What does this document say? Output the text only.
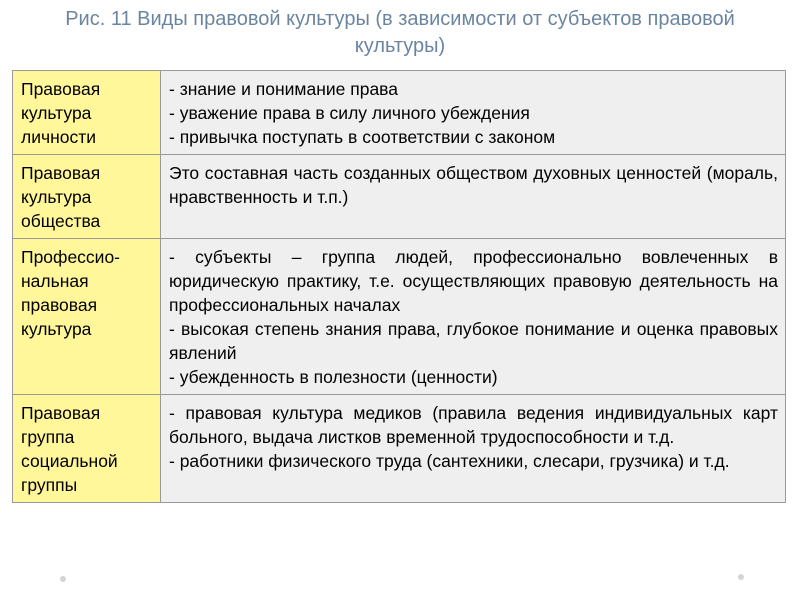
Рис. 11 Виды правовой культуры (в зависимости от субъектов правовой
культуры)
Правовая культура личности	- знание и понимание права
- уважение права в силу личного убеждения
- привычка поступать в соответствии с законом

Правовая культура общества	Это составная часть созданных обществом духовных ценностей (мораль, нравственность и т.п.)

Професcио-нальная правовая культура	- субъекты – группа людей, профессионально вовлеченных в юридическую практику, т.е. осуществляющих правовую деятельность на профессиональных началах
- высокая степень знания права, глубокое понимание и оценка правовых явлений
- убежденность в полезности (ценности)

Правовая группа социальной группы	- правовая культура медиков (правила ведения индивидуальных карт больного, выдача листков временной трудоспособности и т.д.
- работники физического труда (сантехники, слесари, грузчика) и т.д.
